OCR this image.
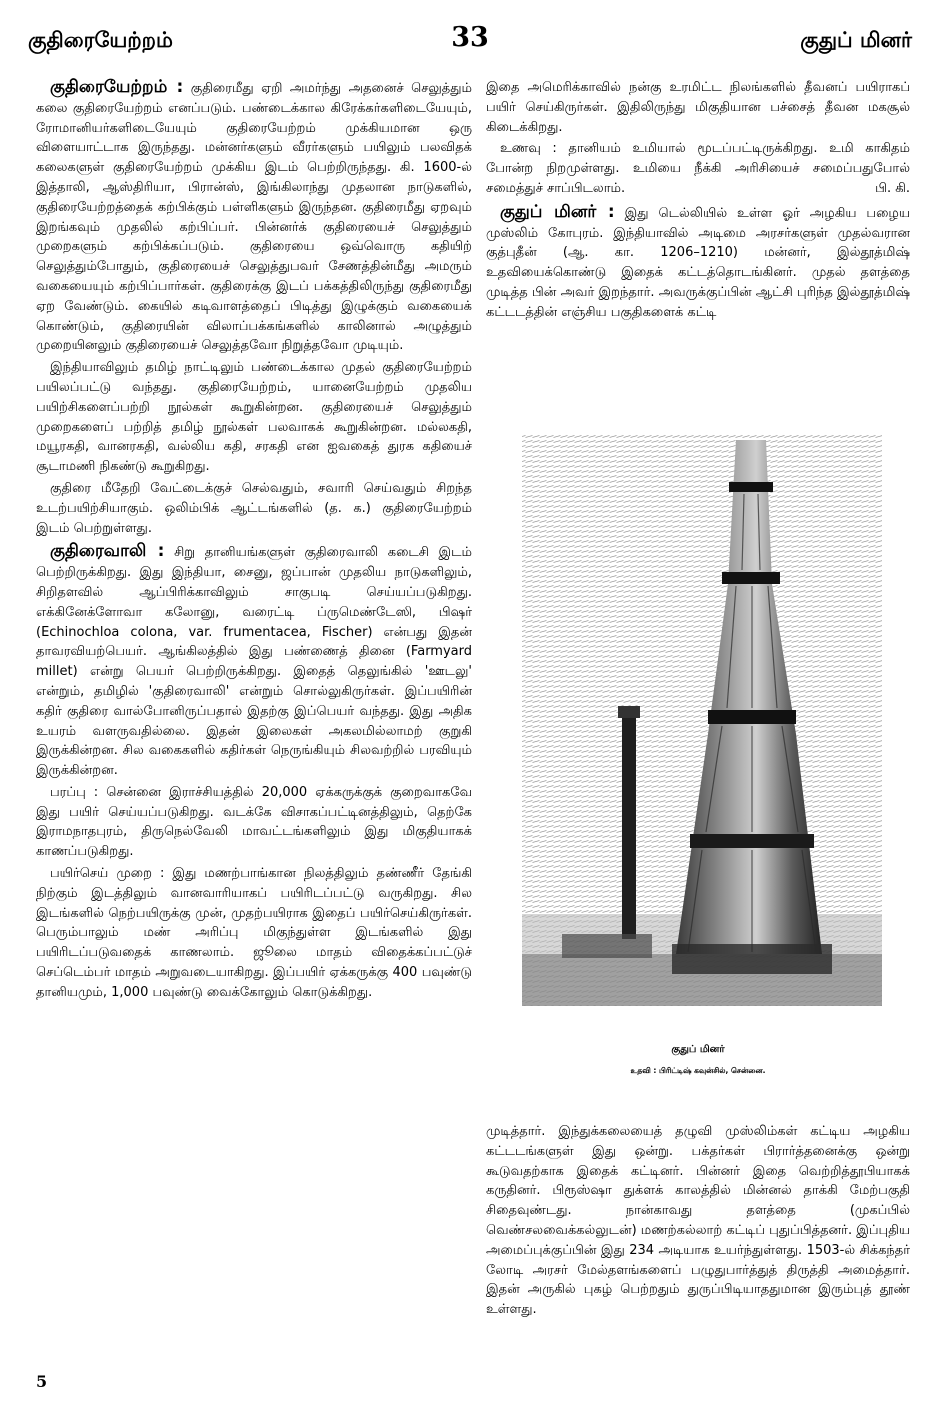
குதிரையேற்றம்	33	குதுப் மினர்

குதிரையேற்றம் : குதிரைமீது ஏறி அமர்ந்து அதனைச் செலுத்தும் கலை குதிரையேற்றம் எனப்படும். பண்டைக்கால கிரேக்கர்களிடையேயும், ரோமானியர்களிடையேயும் குதிரையேற்றம் முக்கியமான ஒரு விளையாட்டாக இருந்தது. மன்னர்களும் வீரர்களும் பயிலும் பலவிதக் கலைகளுள் குதிரையேற்றம் முக்கிய இடம் பெற்றிருந்தது. கி. 1600-ல் இத்தாலி, ஆஸ்திரியா, பிரான்ஸ், இங்கிலாந்து முதலான நாடுகளில், குதிரையேற்றத்தைக் கற்பிக்கும் பள்ளிகளும் இருந்தன. குதிரைமீது ஏறவும் இறங்கவும் முதலில் கற்பிப்பர். பின்னர்க் குதிரையைச் செலுத்தும் முறைகளும் கற்பிக்கப்படும். குதிரையை ஒவ்வொரு கதியிற் செலுத்தும்போதும், குதிரையைச் செலுத்துபவர் சேணத்தின்மீது அமரும் வகையையும் கற்பிப்பார்கள். குதிரைக்கு இடப் பக்கத்திலிருந்து குதிரைமீது ஏற வேண்டும். கையில் கடிவாளத்தைப் பிடித்து இழுக்கும் வகையைக் கொண்டும், குதிரையின் விலாப்பக்கங்களில் காலினால் அழுத்தும் முறையினலும் குதிரையைச் செலுத்தவோ நிறுத்தவோ முடியும்.

இந்தியாவிலும் தமிழ் நாட்டிலும் பண்டைக்கால முதல் குதிரையேற்றம் பயிலப்பட்டு வந்தது. குதிரையேற்றம், யானையேற்றம் முதலிய பயிற்சிகளைப்பற்றி நூல்கள் கூறுகின்றன. குதிரையைச் செலுத்தும் முறைகளைப் பற்றித் தமிழ் நூல்கள் பலவாகக் கூறுகின்றன. மல்லகதி, மயூரகதி, வானரகதி, வல்லிய கதி, சரகதி என ஐவகைத் துரக கதியைச் சூடாமணி நிகண்டு கூறுகிறது.

குதிரை மீதேறி வேட்டைக்குச் செல்வதும், சவாரி செய்வதும் சிறந்த உடற்பயிற்சியாகும். ஒலிம்பிக் ஆட்டங்களில் (த. க.) குதிரையேற்றம் இடம் பெற்றுள்ளது.

குதிரைவாலி : சிறு தானியங்களுள் குதிரைவாலி கடைசி இடம் பெற்றிருக்கிறது. இது இந்தியா, சைனு, ஜப்பான் முதலிய நாடுகளிலும், சிறிதளவில் ஆப்பிரிக்காவிலும் சாகுபடி செய்யப்படுகிறது. எக்கினேக்ளோவா கலோனு, வரைட்டி ப்ருமெண்டேஸி, பிஷர் (Echinochloa colona, var. frumentacea, Fischer) என்பது இதன் தாவரவியற்பெயர். ஆங்கிலத்தில் இது பண்ணைத் தினை (Farmyard millet) என்று பெயர் பெற்றிருக்கிறது. இதைத் தெலுங்கில் 'ஊடலு' என்றும், தமிழில் 'குதிரைவாலி' என்றும் சொல்லுகிருர்கள். இப்பயிரின் கதிர் குதிரை வால்போனிருப்பதால் இதற்கு இப்பெயர் வந்தது. இது அதிக உயரம் வளருவதில்லை. இதன் இலைகள் அகலமில்லாமற் குறுகி இருக்கின்றன. சில வகைகளில் கதிர்கள் நெருங்கியும் சிலவற்றில் பரவியும் இருக்கின்றன.

பரப்பு : சென்னை இராச்சியத்தில் 20,000 ஏக்கருக்குக் குறைவாகவே இது பயிர் செய்யப்படுகிறது. வடக்கே விசாகப்பட்டினத்திலும், தெற்கே இராமநாதபுரம், திருநெல்வேலி மாவட்டங்களிலும் இது மிகுதியாகக் காணப்படுகிறது.

பயிர்செய் முறை : இது மணற்பாங்கான நிலத்திலும் தண்ணீர் தேங்கி நிற்கும் இடத்திலும் வானவாரியாகப் பயிரிடப்பட்டு வருகிறது. சில இடங்களில் நெற்பயிருக்கு முன், முதற்பயிராக இதைப் பயிர்செய்கிருர்கள். பெரும்பாலும் மண் அரிப்பு மிகுந்துள்ள இடங்களில் இது பயிரிடப்படுவதைக் காணலாம். ஜூலை மாதம் விதைக்கப்பட்டுச் செப்டெம்பர் மாதம் அறுவடையாகிறது. இப்பயிர் ஏக்கருக்கு 400 பவுண்டு தானியமும், 1,000 பவுண்டு வைக்கோலும் கொடுக்கிறது.

இதை அமெரிக்காவில் நன்கு உரமிட்ட நிலங்களில் தீவனப் பயிராகப் பயிர் செய்கிருர்கள். இதிலிருந்து மிகுதியான பச்சைத் தீவன மகசூல் கிடைக்கிறது.

உணவு : தானியம் உமியால் மூடப்பட்டிருக்கிறது. உமி காகிதம் போன்ற நிறமுள்ளது. உமியை நீக்கி அரிசியைச் சமைப்பதுபோல் சமைத்துச் சாப்பிடலாம்.	பி. கி.

குதுப் மினர் : இது டெல்லியில் உள்ள ஓர் அழகிய பழைய முஸ்லிம் கோபுரம். இந்தியாவில் அடிமை அரசர்களுள் முதல்வரான குத்புதீன் (ஆ. கா. 1206–1210) மன்னர், இல்தூத்மிஷ் உதவியைக்கொண்டு இதைக் கட்டத்தொடங்கினர். முதல் தளத்தை முடித்த பின் அவர் இறந்தார். அவருக்குப்பின் ஆட்சி புரிந்த இல்தூத்மிஷ் கட்டடத்தின் எஞ்சிய பகுதிகளைக் கட்டி

குதுப் மினர்
உதவி : பிரிட்டிஷ் கவுன்சில், சென்னை.

முடித்தார். இந்துக்கலையைத் தழுவி முஸ்லிம்கள் கட்டிய அழகிய கட்டடங்களுள் இது ஒன்று. பக்தர்கள் பிரார்த்தனைக்கு ஒன்று கூடுவதற்காக இதைக் கட்டினர். பின்னர் இதை வெற்றித்தூபியாகக் கருதினர். பிரூஸ்ஷா துக்ளக் காலத்தில் மின்னல் தாக்கி மேற்பகுதி சிதைவுண்டது. நான்காவது தளத்தை (முகப்பில் வெண்சலவைக்கல்லுடன்) மணற்கல்லாற் கட்டிப் புதுப்பித்தனர். இப்புதிய அமைப்புக்குப்பின் இது 234 அடியாக உயர்ந்துள்ளது. 1503-ல் சிக்கந்தர் லோடி அரசர் மேல்தளங்களைப் பழுதுபார்த்துத் திருத்தி அமைத்தார். இதன் அருகில் புகழ் பெற்றதும் துருப்பிடியாததுமான இரும்புத் தூண் உள்ளது.

5
